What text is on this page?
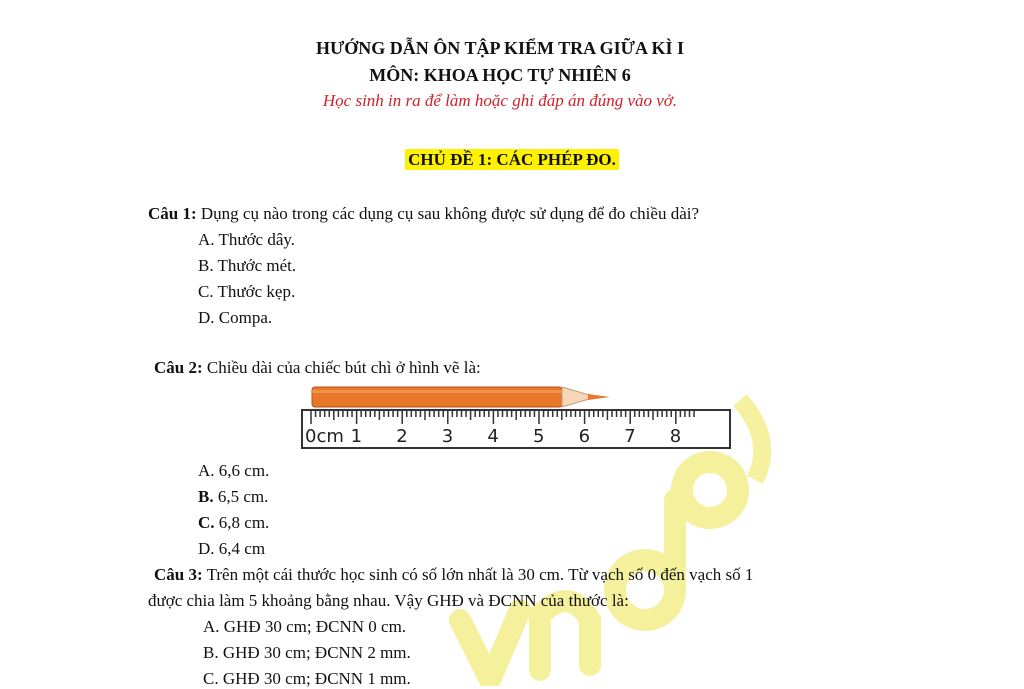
HƯỚNG DẪN ÔN TẬP KIỂM TRA GIỮA KÌ I
MÔN: KHOA HỌC TỰ NHIÊN 6
Học sinh in ra để làm hoặc ghi đáp án đúng vào vở.
CHỦ ĐỀ 1: CÁC PHÉP ĐO.
Câu 1: Dụng cụ nào trong các dụng cụ sau không được sử dụng để đo chiều dài?
A. Thước dây.
B. Thước mét.
C. Thước kẹp.
D. Compa.
Câu 2: Chiều dài của chiếc bút chì ở hình vẽ là:
1 2 3 4 5 6 7 8
0cm
A. 6,6 cm.
B. 6,5 cm.
C. 6,8 cm.
D. 6,4 cm
Câu 3: Trên một cái thước học sinh có số lớn nhất là 30 cm. Từ vạch số 0 đến vạch số 1
được chia làm 5 khoảng bằng nhau. Vậy GHĐ và ĐCNN của thước là:
A. GHĐ 30 cm; ĐCNN 0 cm.
B. GHĐ 30 cm; ĐCNN 2 mm.
C. GHĐ 30 cm; ĐCNN 1 mm.
